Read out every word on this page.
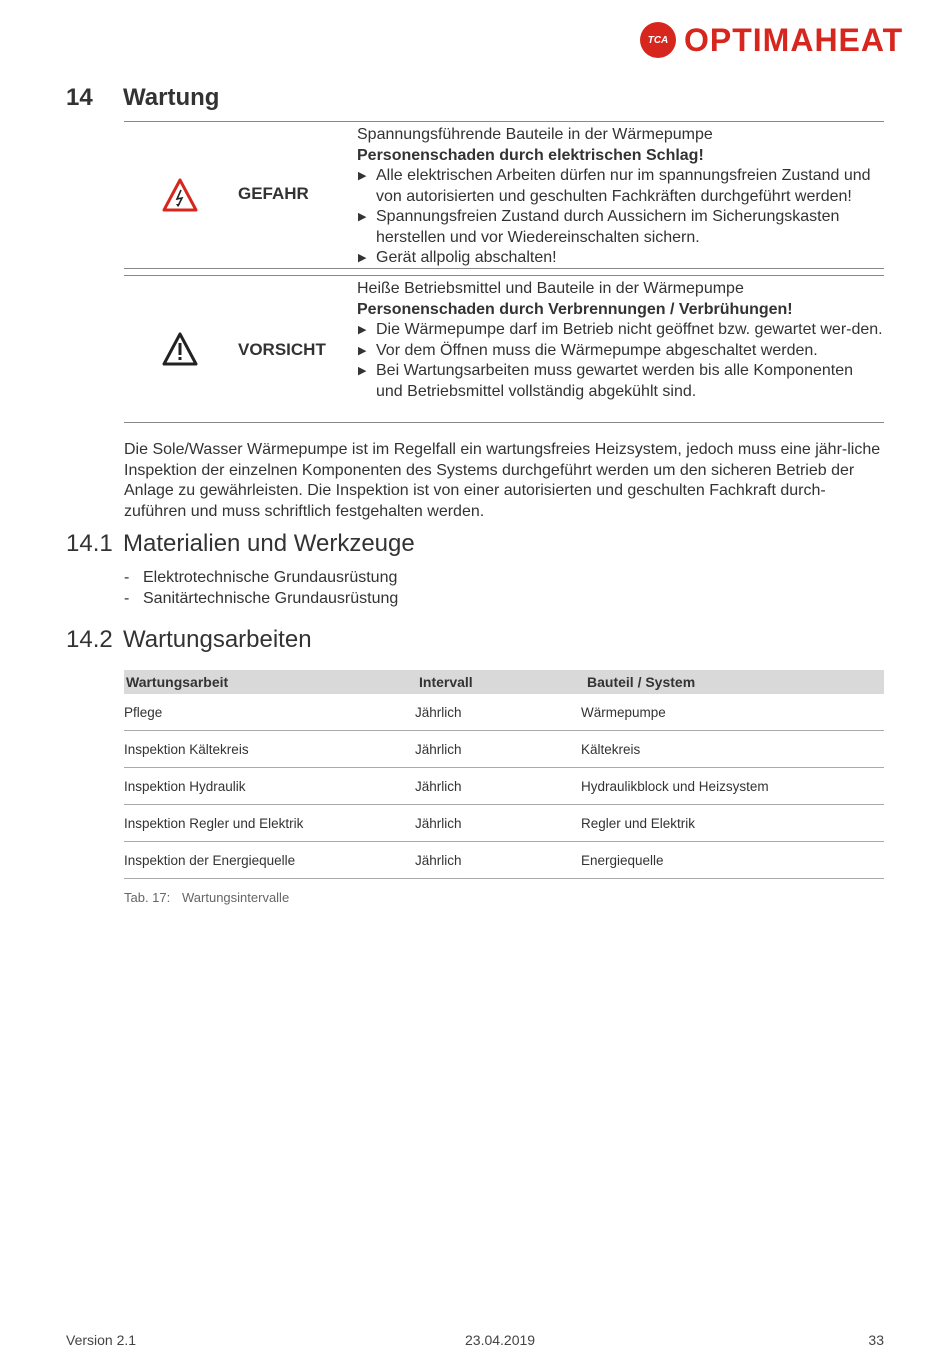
TCA OPTIMAHEAT
14 Wartung
GEFAHR
Spannungsführende Bauteile in der Wärmepumpe
Personenschaden durch elektrischen Schlag!
▶ Alle elektrischen Arbeiten dürfen nur im spannungsfreien Zustand und von autorisierten und geschulten Fachkräften durchgeführt werden!
▶ Spannungsfreien Zustand durch Aussichern im Sicherungskasten herstellen und vor Wiedereinschalten sichern.
▶ Gerät allpolig abschalten!
VORSICHT
Heiße Betriebsmittel und Bauteile in der Wärmepumpe
Personenschaden durch Verbrennungen / Verbrühungen!
▶ Die Wärmepumpe darf im Betrieb nicht geöffnet bzw. gewartet wer-den.
▶ Vor dem Öffnen muss die Wärmepumpe abgeschaltet werden.
▶ Bei Wartungsarbeiten muss gewartet werden bis alle Komponenten und Betriebsmittel vollständig abgekühlt sind.
Die Sole/Wasser Wärmepumpe ist im Regelfall ein wartungsfreies Heizsystem, jedoch muss eine jähr-liche Inspektion der einzelnen Komponenten des Systems durchgeführt werden um den sicheren Betrieb der Anlage zu gewährleisten. Die Inspektion ist von einer autorisierten und geschulten Fachkraft durch-zuführen und muss schriftlich festgehalten werden.
14.1 Materialien und Werkzeuge
- Elektrotechnische Grundausrüstung
- Sanitärtechnische Grundausrüstung
14.2 Wartungsarbeiten
Wartungsarbeit	Intervall	Bauteil / System
Pflege	Jährlich	Wärmepumpe
Inspektion Kältekreis	Jährlich	Kältekreis
Inspektion Hydraulik	Jährlich	Hydraulikblock und Heizsystem
Inspektion Regler und Elektrik	Jährlich	Regler und Elektrik
Inspektion der Energiequelle	Jährlich	Energiequelle
Tab. 17: Wartungsintervalle
Version 2.1	23.04.2019	33
